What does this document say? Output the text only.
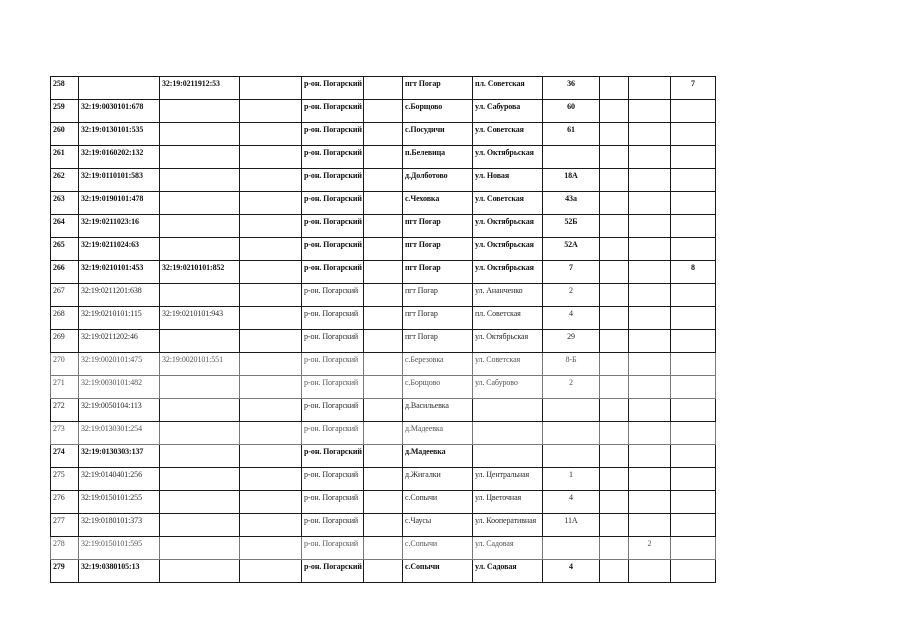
258		32:19:0211912:53		р-он. Погарский		пгт Погар	пл. Советская	36			7
259	32:19:0030101:678			р-он. Погарский		с.Борщово	ул. Сабурова	60			
260	32:19:0130101:535			р-он. Погарский		с.Посудичи	ул. Советская	61			
261	32:19:0160202:132			р-он. Погарский		п.Белевица	ул. Октябрьская				
262	32:19:0110101:583			р-он. Погарский		д.Долботово	ул. Новая	18А			
263	32:19:0190101:478			р-он. Погарский		с.Чеховка	ул. Советская	43а			
264	32:19:0211023:16			р-он. Погарский		пгт Погар	ул. Октябрьская	52Б			
265	32:19:0211024:63			р-он. Погарский		пгт Погар	ул. Октябрьская	52А			
266	32:19:0210101:453	32:19:0210101:852		р-он. Погарский		пгт Погар	ул. Октябрьская	7			8
267	32:19:0211201:638			р-он. Погарский		пгт Погар	ул. Ананченко	2			
268	32:19:0210101:115	32:19:0210101:943		р-он. Погарский		пгт Погар	пл. Советская	4			
269	32:19:0211202:46			р-он. Погарский		пгт Погар	ул. Октябрьская	29			
270	32:19:0020101:475	32:19:0020101:551		р-он. Погарский		с.Березовка	ул. Советская	8-Б			
271	32:19:0030101:482			р-он. Погарский		с.Борщово	ул. Сабурово	2			
272	32:19:0050104:113			р-он. Погарский		д.Васильевка					
273	32:19:0130301:254			р-он. Погарский		д.Мадеевка					
274	32:19:0130303:137			р-он. Погарский		д.Мадеевка					
275	32:19:0140401:256			р-он. Погарский		д.Жигалки	ул. Центральная	1			
276	32:19:0150101:255			р-он. Погарский		с.Сопычи	ул. Цветочная	4			
277	32:19:0180101:373			р-он. Погарский		с.Чаусы	ул. Кооперативная	11А			
278	32:19:0150101:595			р-он. Погарский		с.Сопычи	ул. Садовая			2	
279	32:19:0380105:13			р-он. Погарский		с.Сопычи	ул. Садовая	4			
